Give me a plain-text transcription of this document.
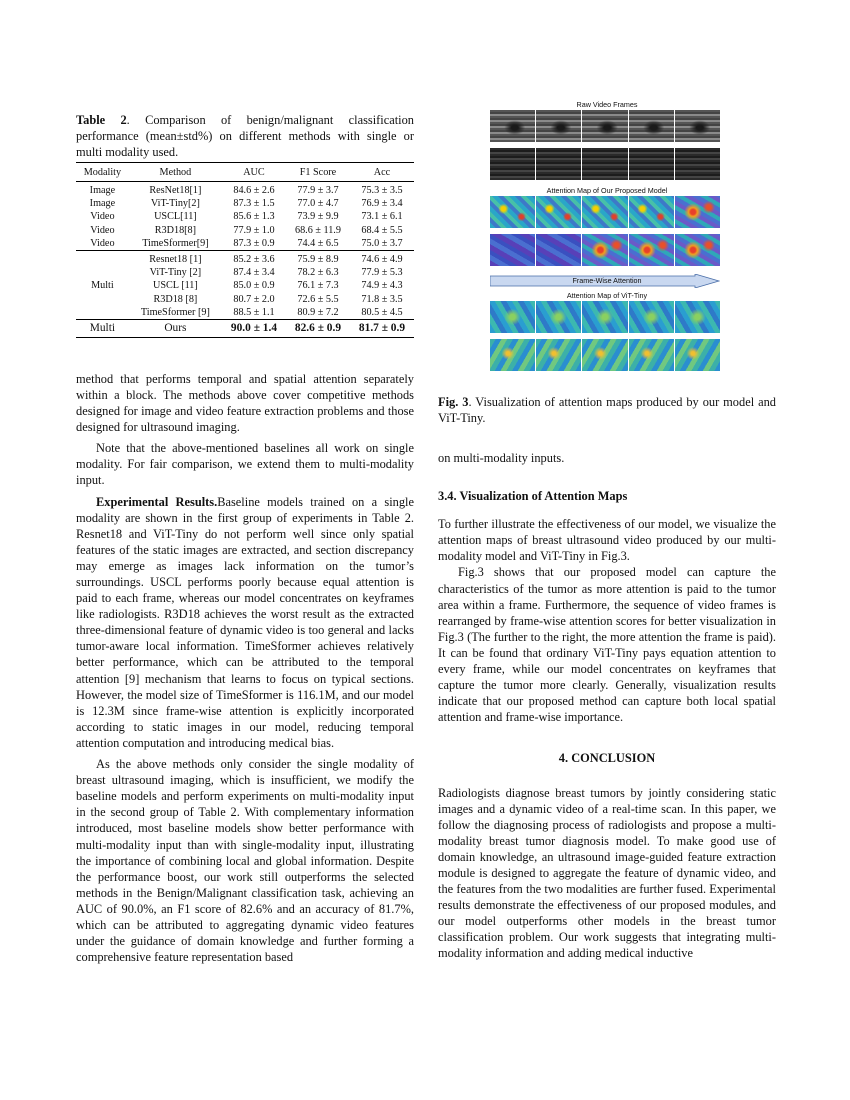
Table 2. Comparison of benign/malignant classification performance (mean±std%) on different methods with single or multi modality used.
Modality	Method	AUC	F1 Score	Acc
Image	ResNet18[1]	84.6 ± 2.6	77.9 ± 3.7	75.3 ± 3.5
Image	ViT-Tiny[2]	87.3 ± 1.5	77.0 ± 4.7	76.9 ± 3.4
Video	USCL[11]	85.6 ± 1.3	73.9 ± 9.9	73.1 ± 6.1
Video	R3D18[8]	77.9 ± 1.0	68.6 ± 11.9	68.4 ± 5.5
Video	TimeSformer[9]	87.3 ± 0.9	74.4 ± 6.5	75.0 ± 3.7
Multi	Resnet18 [1]	85.2 ± 3.6	75.9 ± 8.9	74.6 ± 4.9
	ViT-Tiny [2]	87.4 ± 3.4	78.2 ± 6.3	77.9 ± 5.3
	USCL [11]	85.0 ± 0.9	76.1 ± 7.3	74.9 ± 4.3
	R3D18 [8]	80.7 ± 2.0	72.6 ± 5.5	71.8 ± 3.5
	TimeSformer [9]	88.5 ± 1.1	80.9 ± 7.2	80.5 ± 4.5
Multi	Ours	90.0 ± 1.4	82.6 ± 0.9	81.7 ± 0.9

method that performs temporal and spatial attention separately within a block. The methods above cover competitive methods designed for image and video feature extraction problems and those designed for ultrasound imaging.

Note that the above-mentioned baselines all work on single modality. For fair comparison, we extend them to multi-modality input.

Experimental Results.Baseline models trained on a single modality are shown in the first group of experiments in Table 2. Resnet18 and ViT-Tiny do not perform well since only spatial features of the static images are extracted, and section discrepancy may emerge as images lack information on the tumor’s surroundings. USCL performs poorly because equal attention is paid to each frame, whereas our model concentrates on keyframes like radiologists. R3D18 achieves the worst result as the extracted three-dimensional feature of dynamic video is too general and lacks tumor-aware local information. TimeSformer achieves relatively better performance, which can be attributed to the temporal attention [9] mechanism that learns to focus on typical sections. However, the model size of TimeSformer is 116.1M, and our model is 12.3M since frame-wise attention is explicitly incorporated according to static images in our model, reducing temporal attention computation and introducing medical bias.

As the above methods only consider the single modality of breast ultrasound imaging, which is insufficient, we modify the baseline models and perform experiments on multi-modality input in the second group of Table 2. With complementary information introduced, most baseline models show better performance with multi-modality input than with single-modality input, illustrating the importance of combining local and global information. Despite the performance boost, our work still outperforms the selected methods in the Benign/Malignant classification task, achieving an AUC of 90.0%, an F1 score of 82.6% and an accuracy of 81.7%, which can be attributed to aggregating dynamic video features under the guidance of domain knowledge and further forming a comprehensive feature representation based

Raw Video Frames
Attention Map of Our Proposed Model
Frame-Wise Attention
Attention Map of ViT-Tiny
Fig. 3. Visualization of attention maps produced by our model and ViT-Tiny.

on multi-modality inputs.

3.4. Visualization of Attention Maps

To further illustrate the effectiveness of our model, we visualize the attention maps of breast ultrasound video produced by our multi-modality model and ViT-Tiny in Fig.3.

Fig.3 shows that our proposed model can capture the characteristics of the tumor as more attention is paid to the tumor area within a frame. Furthermore, the sequence of video frames is rearranged by frame-wise attention scores for better visualization in Fig.3 (The further to the right, the more attention the frame is paid). It can be found that ordinary ViT-Tiny pays equation attention to every frame, while our model concentrates on keyframes that capture the tumor more clearly. Generally, visualization results indicate that our proposed method can capture both local spatial attention and frame-wise importance.

4. CONCLUSION

Radiologists diagnose breast tumors by jointly considering static images and a dynamic video of a real-time scan. In this paper, we follow the diagnosing process of radiologists and propose a multi-modality breast tumor diagnosis model. To make good use of domain knowledge, an ultrasound image-guided feature extraction module is designed to aggregate the feature of dynamic video, and the features from the two modalities are further fused. Experimental results demonstrate the effectiveness of our proposed modules, and our model outperforms other models in the breast tumor classification problem. Our work suggests that integrating multi-modality information and adding medical inductive
